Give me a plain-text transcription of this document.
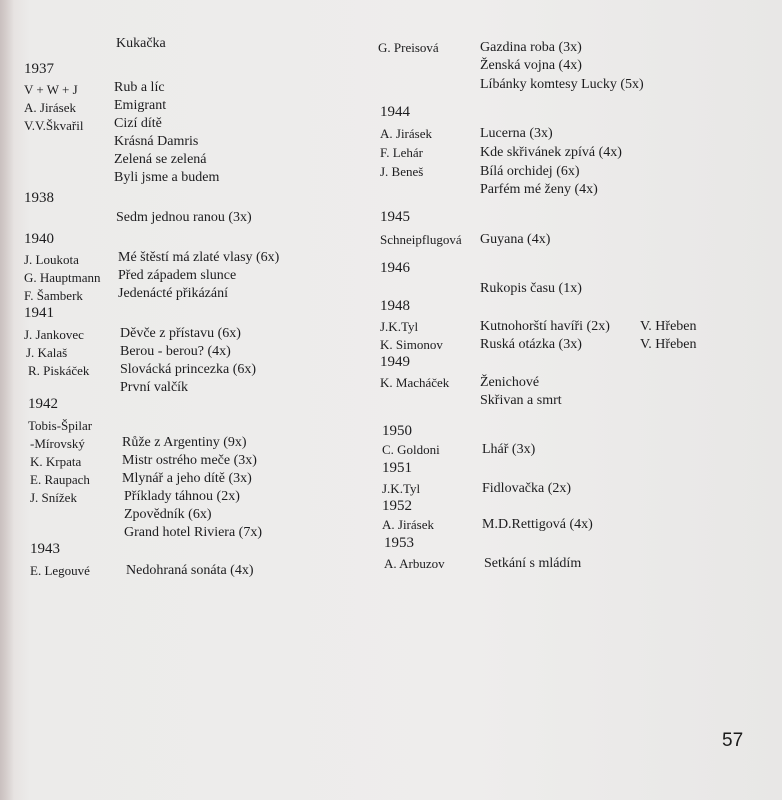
Kukačka
1937
V + W + J	Rub a líc
A. Jirásek	Emigrant
V.V.Škvařil Cizí dítě
Krásná Damris
Zelená se zelená
Byli jsme a budem
1938
Sedm jednou ranou (3x)
1940
J. Loukota	Mé štěstí má zlaté vlasy (6x)
G. Hauptmann Před západem slunce
F. Šamberk	Jedenácté přikázání
1941
J. Jankovec	Děvče z přístavu (6x)
J. Kalaš	Berou - berou? (4x)
R. Piskáček Slovácká princezka (6x)
První valčík
1942
Tobis-Špilar
-Mírovský	Růže z Argentiny (9x)
K. Krpata	Mistr ostrého meče (3x)
E. Raupach Mlynář a jeho dítě (3x)
J. Snížek	Příklady táhnou (2x)
Zpovědník (6x)
Grand hotel Riviera (7x)
1943
E. Legouvé	Nedohraná sonáta (4x)
G. Preisová	Gazdina roba (3x)
Ženská vojna (4x)
Líbánky komtesy Lucky (5x)
1944
A. Jirásek	Lucerna (3x)
F. Lehár	Kde skřivánek zpívá (4x)
J. Beneš	Bílá orchidej (6x)
Parfém mé ženy (4x)
1945
Schneipflugová Guyana (4x)
1946
Rukopis času (1x)
1948
J.K.Tyl	Kutnohorští havíři (2x) V. Hřeben
K. Simonov	Ruská otázka (3x)	V. Hřeben
1949
K. Macháček Ženichové
Skřivan a smrt
1950
C. Goldoni	Lhář (3x)
1951
J.K.Tyl	Fidlovačka (2x)
1952
A. Jirásek	M.D.Rettigová (4x)
1953
A. Arbuzov	Setkání s mládím
57
